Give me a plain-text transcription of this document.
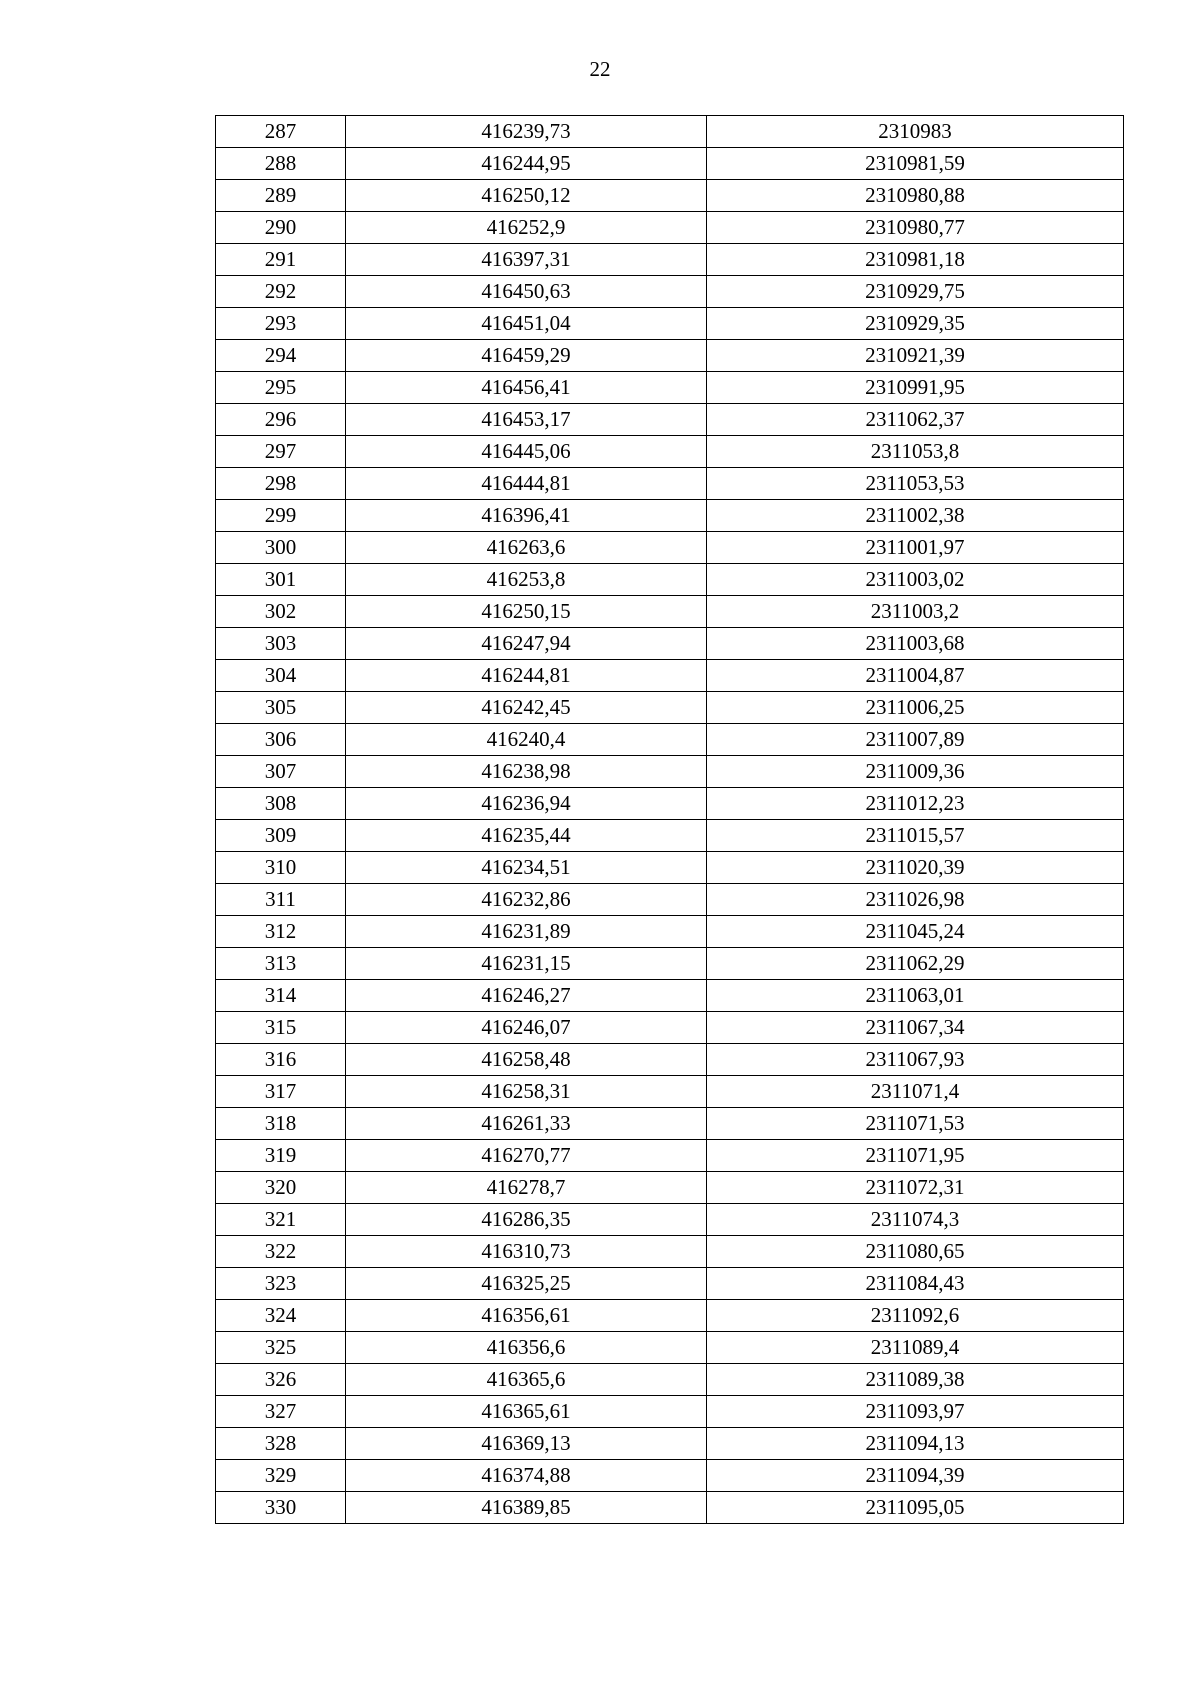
22
287	416239,73	2310983
288	416244,95	2310981,59
289	416250,12	2310980,88
290	416252,9	2310980,77
291	416397,31	2310981,18
292	416450,63	2310929,75
293	416451,04	2310929,35
294	416459,29	2310921,39
295	416456,41	2310991,95
296	416453,17	2311062,37
297	416445,06	2311053,8
298	416444,81	2311053,53
299	416396,41	2311002,38
300	416263,6	2311001,97
301	416253,8	2311003,02
302	416250,15	2311003,2
303	416247,94	2311003,68
304	416244,81	2311004,87
305	416242,45	2311006,25
306	416240,4	2311007,89
307	416238,98	2311009,36
308	416236,94	2311012,23
309	416235,44	2311015,57
310	416234,51	2311020,39
311	416232,86	2311026,98
312	416231,89	2311045,24
313	416231,15	2311062,29
314	416246,27	2311063,01
315	416246,07	2311067,34
316	416258,48	2311067,93
317	416258,31	2311071,4
318	416261,33	2311071,53
319	416270,77	2311071,95
320	416278,7	2311072,31
321	416286,35	2311074,3
322	416310,73	2311080,65
323	416325,25	2311084,43
324	416356,61	2311092,6
325	416356,6	2311089,4
326	416365,6	2311089,38
327	416365,61	2311093,97
328	416369,13	2311094,13
329	416374,88	2311094,39
330	416389,85	2311095,05
